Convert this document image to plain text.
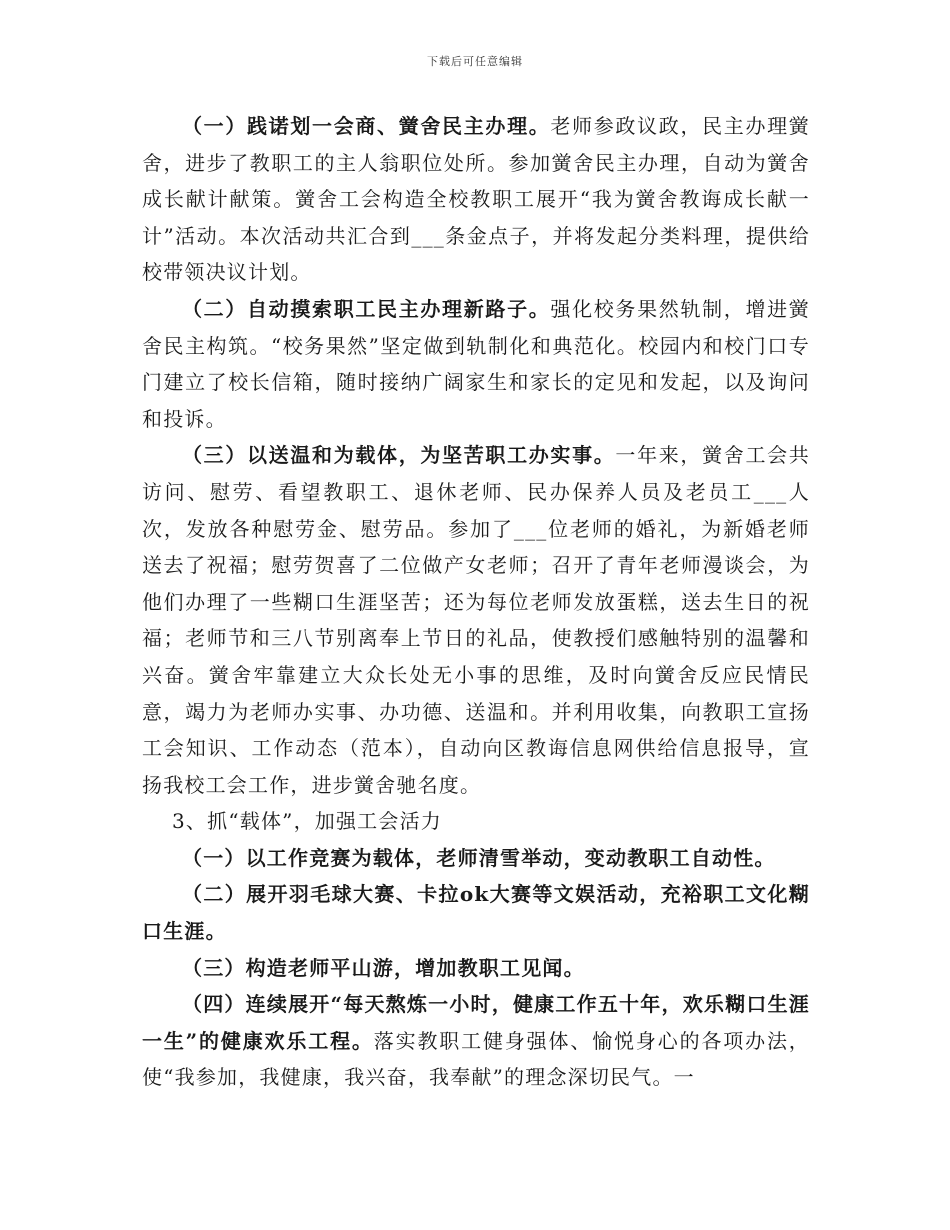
下载后可任意编辑

（一）践诺划一会商、黉舍民主办理。老师参政议政，民主办理黉舍，进步了教职工的主人翁职位处所。参加黉舍民主办理，自动为黉舍成长献计献策。黉舍工会构造全校教职工展开“我为黉舍教诲成长献一计”活动。本次活动共汇合到___条金点子，并将发起分类料理，提供给校带领决议计划。

（二）自动摸索职工民主办理新路子。强化校务果然轨制，增进黉舍民主构筑。“校务果然”坚定做到轨制化和典范化。校园内和校门口专门建立了校长信箱，随时接纳广阔家生和家长的定见和发起，以及询问和投诉。

（三）以送温和为载体，为坚苦职工办实事。一年来，黉舍工会共访问、慰劳、看望教职工、退休老师、民办保养人员及老员工___人次，发放各种慰劳金、慰劳品。参加了___位老师的婚礼，为新婚老师送去了祝福；慰劳贺喜了二位做产女老师；召开了青年老师漫谈会，为他们办理了一些糊口生涯坚苦；还为每位老师发放蛋糕，送去生日的祝福；老师节和三八节别离奉上节日的礼品，使教授们感触特别的温馨和兴奋。黉舍牢靠建立大众长处无小事的思维，及时向黉舍反应民情民意，竭力为老师办实事、办功德、送温和。并利用收集，向教职工宣扬工会知识、工作动态（范本），自动向区教诲信息网供给信息报导，宣扬我校工会工作，进步黉舍驰名度。

3、抓“载体”，加强工会活力

（一）以工作竞赛为载体，老师清雪举动，变动教职工自动性。

（二）展开羽毛球大赛、卡拉ok大赛等文娱活动，充裕职工文化糊口生涯。

（三）构造老师平山游，增加教职工见闻。

（四）连续展开“每天熬炼一小时，健康工作五十年，欢乐糊口生涯一生”的健康欢乐工程。落实教职工健身强体、愉悦身心的各项办法，使“我参加，我健康，我兴奋，我奉献”的理念深切民气。一
